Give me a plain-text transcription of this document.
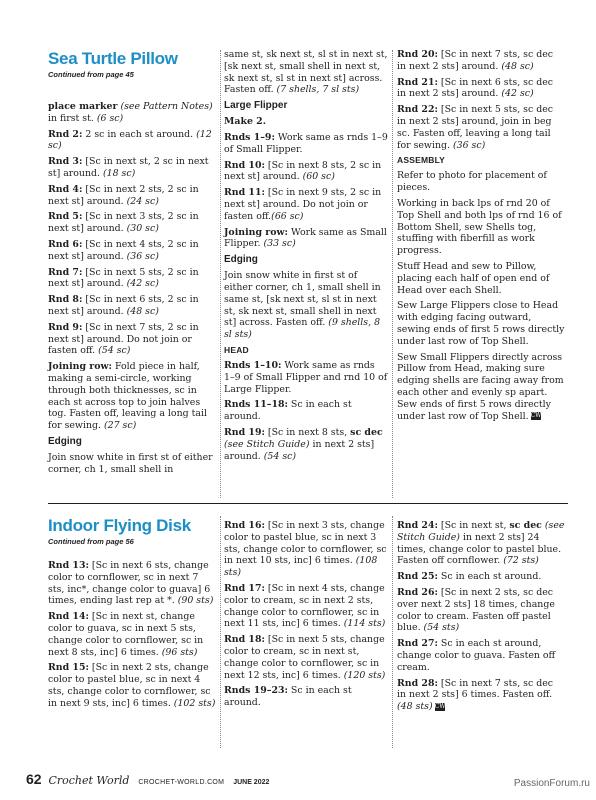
Sea Turtle Pillow
Continued from page 45
place marker (see Pattern Notes) in first st. (6 sc)
Rnd 2: 2 sc in each st around. (12 sc)
Rnd 3: [Sc in next st, 2 sc in next st] around. (18 sc)
Rnd 4: [Sc in next 2 sts, 2 sc in next st] around. (24 sc)
Rnd 5: [Sc in next 3 sts, 2 sc in next st] around. (30 sc)
Rnd 6: [Sc in next 4 sts, 2 sc in next st] around. (36 sc)
Rnd 7: [Sc in next 5 sts, 2 sc in next st] around. (42 sc)
Rnd 8: [Sc in next 6 sts, 2 sc in next st] around. (48 sc)
Rnd 9: [Sc in next 7 sts, 2 sc in next st] around. Do not join or fasten off. (54 sc)
Joining row: Fold piece in half, making a semi-circle, working through both thicknesses, sc in each st across top to join halves tog. Fasten off, leaving a long tail for sewing. (27 sc)
Edging
Join snow white in first st of either corner, ch 1, small shell in
same st, sk next st, sl st in next st, [sk next st, small shell in next st, sk next st, sl st in next st] across. Fasten off. (7 shells, 7 sl sts)
Large Flipper
Make 2.
Rnds 1–9: Work same as rnds 1–9 of Small Flipper.
Rnd 10: [Sc in next 8 sts, 2 sc in next st] around. (60 sc)
Rnd 11: [Sc in next 9 sts, 2 sc in next st] around. Do not join or fasten off.(66 sc)
Joining row: Work same as Small Flipper. (33 sc)
Edging
Join snow white in first st of either corner, ch 1, small shell in same st, [sk next st, sl st in next st, sk next st, small shell in next st] across. Fasten off. (9 shells, 8 sl sts)
HEAD
Rnds 1–10: Work same as rnds 1–9 of Small Flipper and rnd 10 of Large Flipper.
Rnds 11–18: Sc in each st around.
Rnd 19: [Sc in next 8 sts, sc dec (see Stitch Guide) in next 2 sts] around. (54 sc)
Rnd 20: [Sc in next 7 sts, sc dec in next 2 sts] around. (48 sc)
Rnd 21: [Sc in next 6 sts, sc dec in next 2 sts] around. (42 sc)
Rnd 22: [Sc in next 5 sts, sc dec in next 2 sts] around, join in beg sc. Fasten off, leaving a long tail for sewing. (36 sc)
ASSEMBLY
Refer to photo for placement of pieces.
Working in back lps of rnd 20 of Top Shell and both lps of rnd 16 of Bottom Shell, sew Shells tog, stuffing with fiberfill as work progress.
Stuff Head and sew to Pillow, placing each half of open end of Head over each Shell.
Sew Large Flippers close to Head with edging facing outward, sewing ends of first 5 rows directly under last row of Top Shell.
Sew Small Flippers directly across Pillow from Head, making sure edging shells are facing away from each other and evenly sp apart. Sew ends of first 5 rows directly under last row of Top Shell. CW
Indoor Flying Disk
Continued from page 56
Rnd 13: [Sc in next 6 sts, change color to cornflower, sc in next 7 sts, inc*, change color to guava] 6 times, ending last rep at *. (90 sts)
Rnd 14: [Sc in next st, change color to guava, sc in next 5 sts, change color to cornflower, sc in next 8 sts, inc] 6 times. (96 sts)
Rnd 15: [Sc in next 2 sts, change color to pastel blue, sc in next 4 sts, change color to cornflower, sc in next 9 sts, inc] 6 times. (102 sts)
Rnd 16: [Sc in next 3 sts, change color to pastel blue, sc in next 3 sts, change color to cornflower, sc in next 10 sts, inc] 6 times. (108 sts)
Rnd 17: [Sc in next 4 sts, change color to cream, sc in next 2 sts, change color to cornflower, sc in next 11 sts, inc] 6 times. (114 sts)
Rnd 18: [Sc in next 5 sts, change color to cream, sc in next st, change color to cornflower, sc in next 12 sts, inc] 6 times. (120 sts)
Rnds 19–23: Sc in each st around.
Rnd 24: [Sc in next st, sc dec (see Stitch Guide) in next 2 sts] 24 times, change color to pastel blue. Fasten off cornflower. (72 sts)
Rnd 25: Sc in each st around.
Rnd 26: [Sc in next 2 sts, sc dec over next 2 sts] 18 times, change color to cream. Fasten off pastel blue. (54 sts)
Rnd 27: Sc in each st around, change color to guava. Fasten off cream.
Rnd 28: [Sc in next 7 sts, sc dec in next 2 sts] 6 times. Fasten off. (48 sts) CW
62 Crochet World CROCHET-WORLD.COM JUNE 2022	PassionForum.ru
